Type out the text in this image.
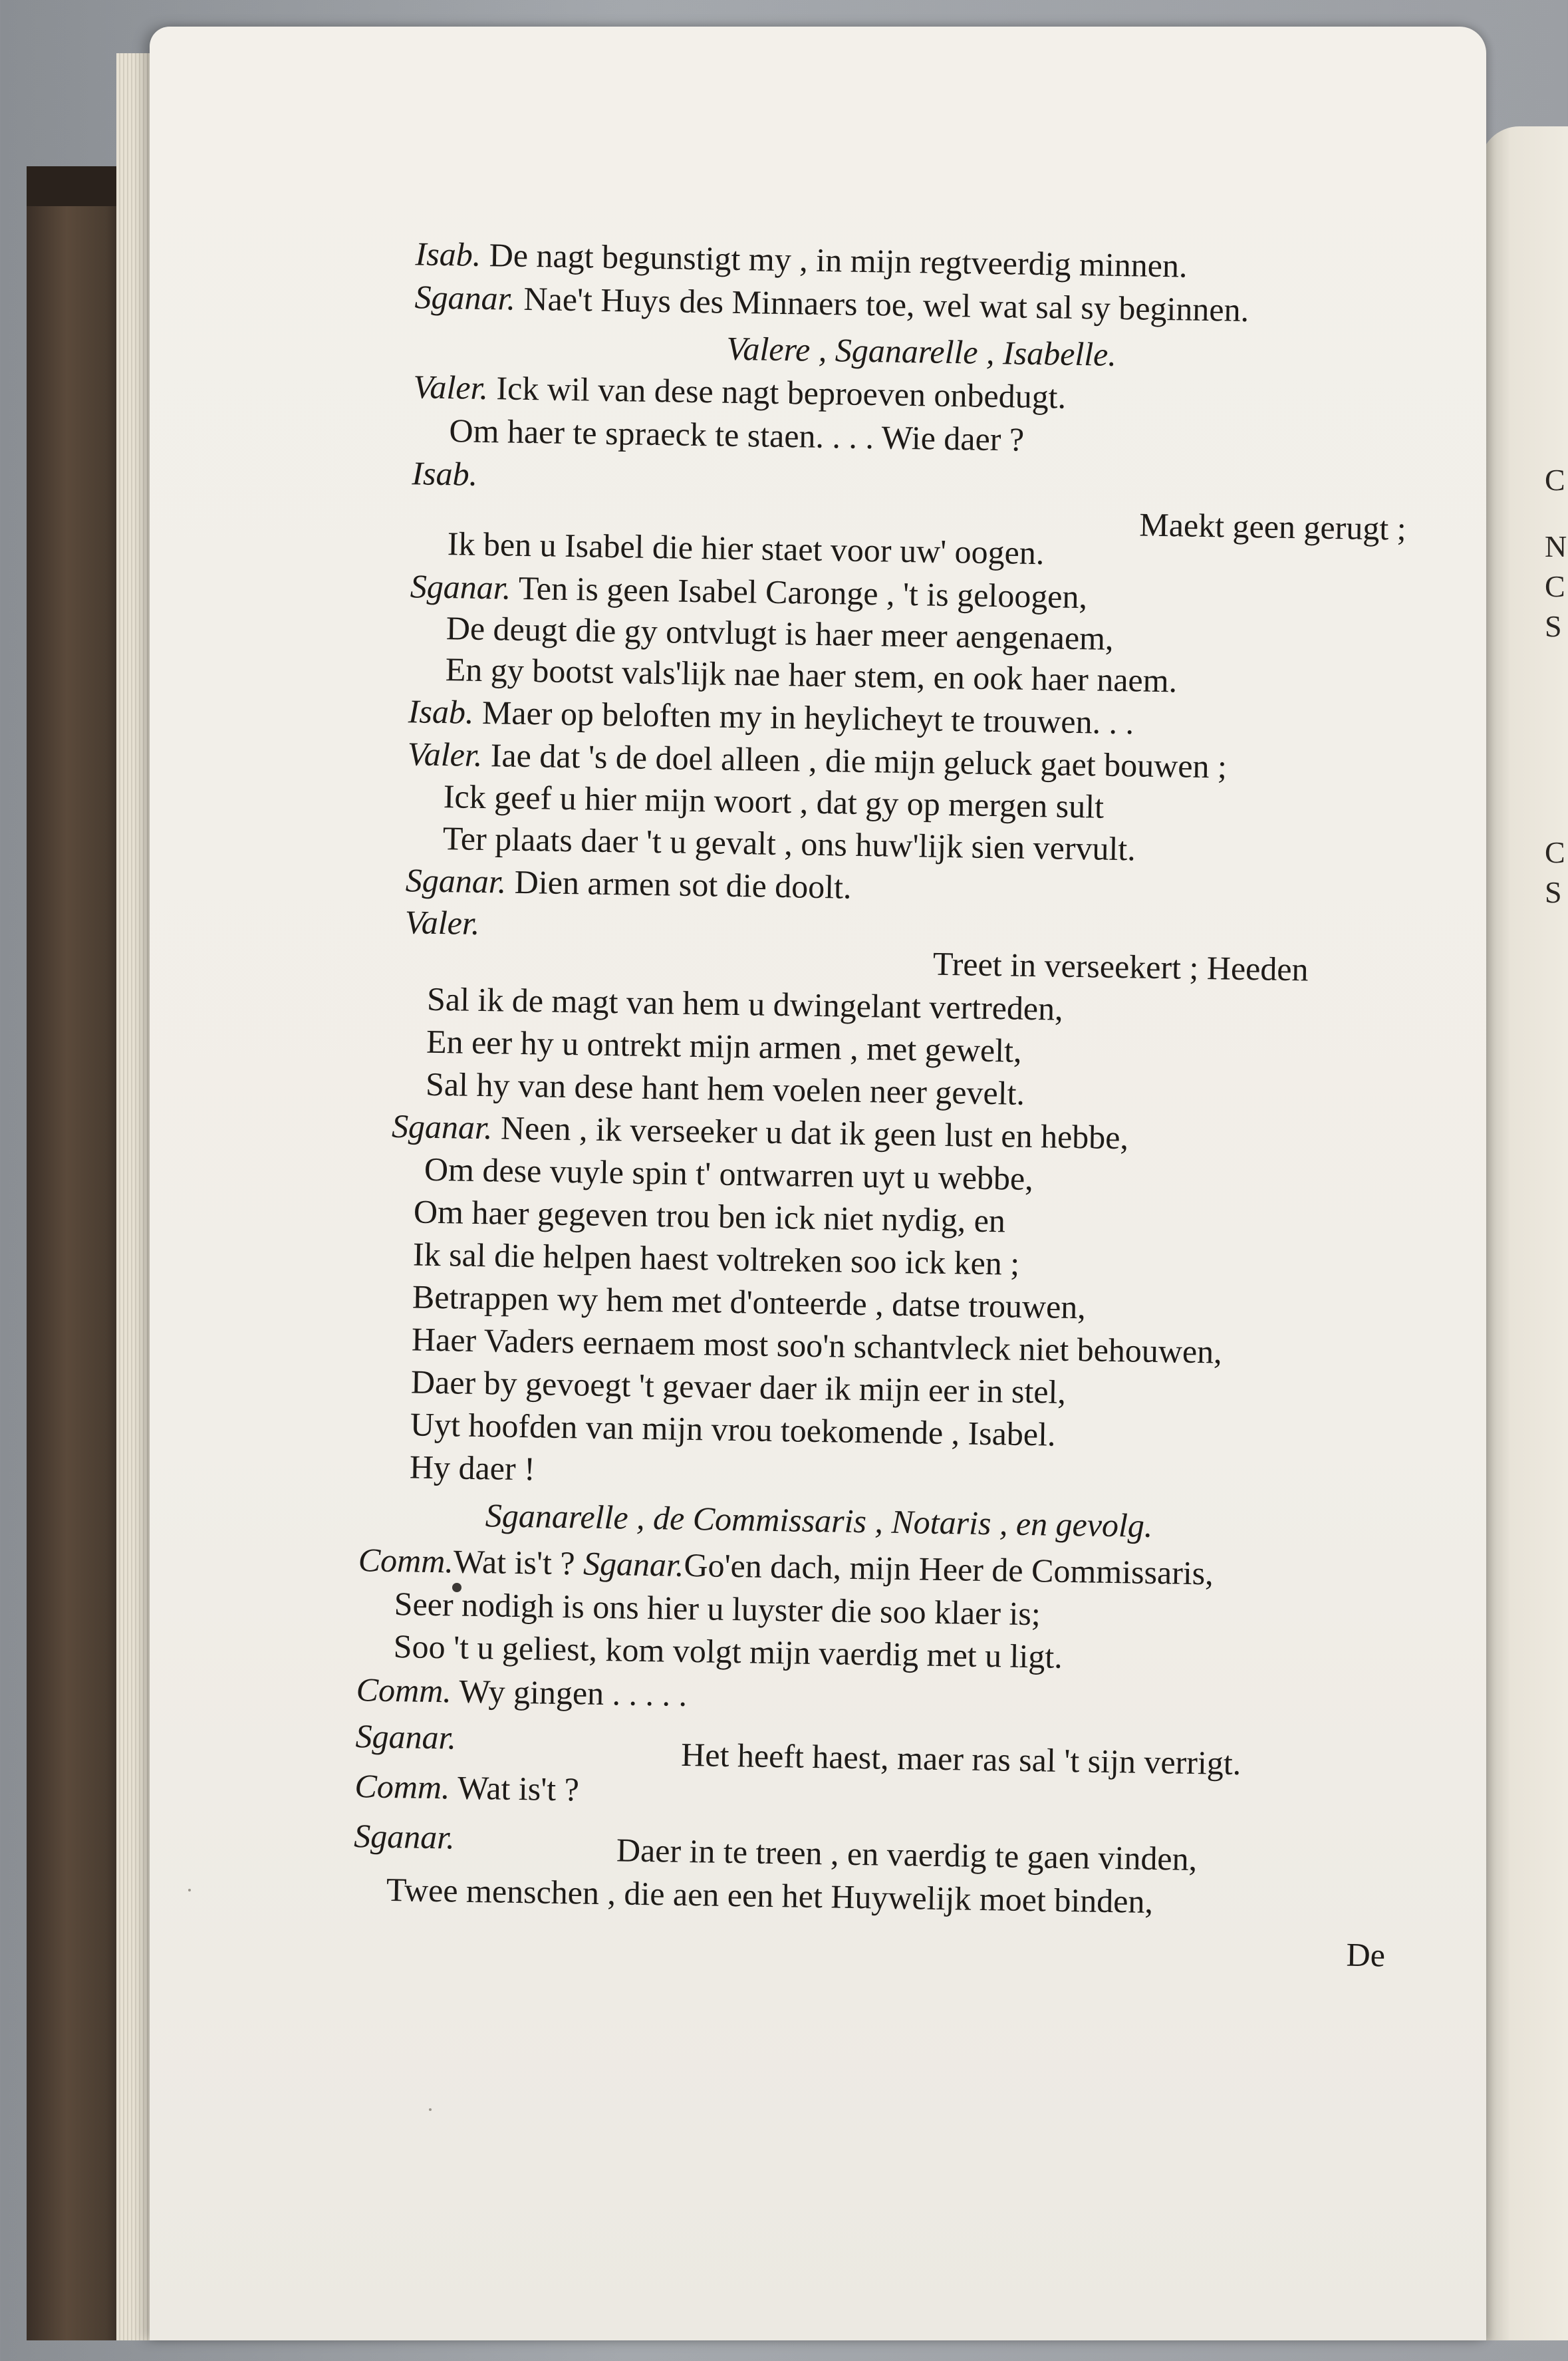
C
N
C
S
C
S
Isab. De nagt begunstigt my , in mijn regtveerdig minnen.
Sganar. Nae't Huys des Minnaers toe, wel wat sal sy beginnen.
Valere , Sganarelle , Isabelle.
Valer. Ick wil van dese nagt beproeven onbedugt.
Om haer te spraeck te staen. . . . Wie daer ?
Isab.
Maekt geen gerugt ;
Ik ben u Isabel die hier staet voor uw' oogen.
Sganar. Ten is geen Isabel Caronge , 't is geloogen,
De deugt die gy ontvlugt is haer meer aengenaem,
En gy bootst vals'lijk nae haer stem, en ook haer naem.
Isab. Maer op beloften my in heylicheyt te trouwen. . .
Valer. Iae dat 's de doel alleen , die mijn geluck gaet bouwen ;
Ick geef u hier mijn woort , dat gy op mergen sult
Ter plaats daer 't u gevalt , ons huw'lijk sien vervult.
Sganar. Dien armen sot die doolt.
Valer.
Treet in verseekert ; Heeden
Sal ik de magt van hem u dwingelant vertreden,
En eer hy u ontrekt mijn armen , met gewelt,
Sal hy van dese hant hem voelen neer gevelt.
Sganar. Neen , ik verseeker u dat ik geen lust en hebbe,
Om dese vuyle spin t' ontwarren uyt u webbe,
Om haer gegeven trou ben ick niet nydig, en
Ik sal die helpen haest voltreken soo ick ken ;
Betrappen wy hem met d'onteerde , datse trouwen,
Haer Vaders eernaem most soo'n schantvleck niet behouwen,
Daer by gevoegt 't gevaer daer ik mijn eer in stel,
Uyt hoofden van mijn vrou toekomende , Isabel.
Hy daer !
Sganarelle , de Commissaris , Notaris , en gevolg.
Comm.Wat is't ? Sganar.Go'en dach, mijn Heer de Commissaris,
Seer nodigh is ons hier u luyster die soo klaer is;
Soo 't u geliest, kom volgt mijn vaerdig met u ligt.
Comm. Wy gingen . . . . .
Sganar.	Het heeft haest, maer ras sal 't sijn verrigt.
Comm. Wat is't ?
Sganar.	Daer in te treen , en vaerdig te gaen vinden,
Twee menschen , die aen een het Huywelijk moet binden,
De
